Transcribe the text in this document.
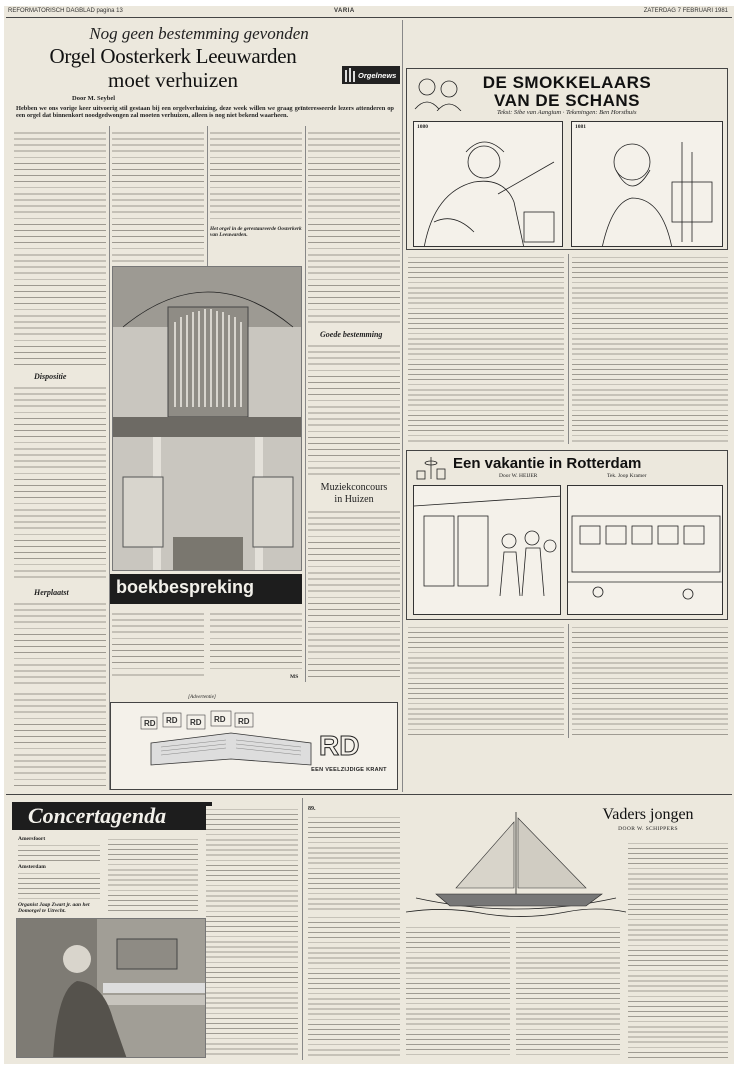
REFORMATORISCH DAGBLAD pagina 13	VARIA	ZATERDAG 7 FEBRUARI 1981
Nog geen bestemming gevonden
Orgel Oosterkerk Leeuwarden
moet verhuizen	Orgelnews
Door M. Seybel
Hebben we ons vorige keer uitvoerig stil gestaan bij een orgelverhuizing, deze week willen we graag geïnteresseerde lezers attenderen op een orgel dat binnenkort noodgedwongen zal moeten verhuizen, alleen is nog niet bekend waarheen.
Dispositie
Herplaatst
Het orgel in de gerestaureerde Oosterkerk van Leeuwarden.
Goede bestemming
Muziekconcours
in Huizen
boekbespreking
MS
[Advertentie]
RD RD RD RD RD
RD
EEN VEELZIJDIGE KRANT
DE SMOKKELAARS
VAN DE SCHANS
Tekst: Sibe van Aangium · Tekeningen: Ben Horsthuis
1080	1081
Een vakantie in Rotterdam
Door W. HEIJER	Tek. Joop Kramer
Concertagenda
Amersfoort
Amsterdam
Organist Jaap Zwart jr. aan het Domorgel te Utrecht.
89.	Vaders jongen
DOOR W. SCHIPPERS
